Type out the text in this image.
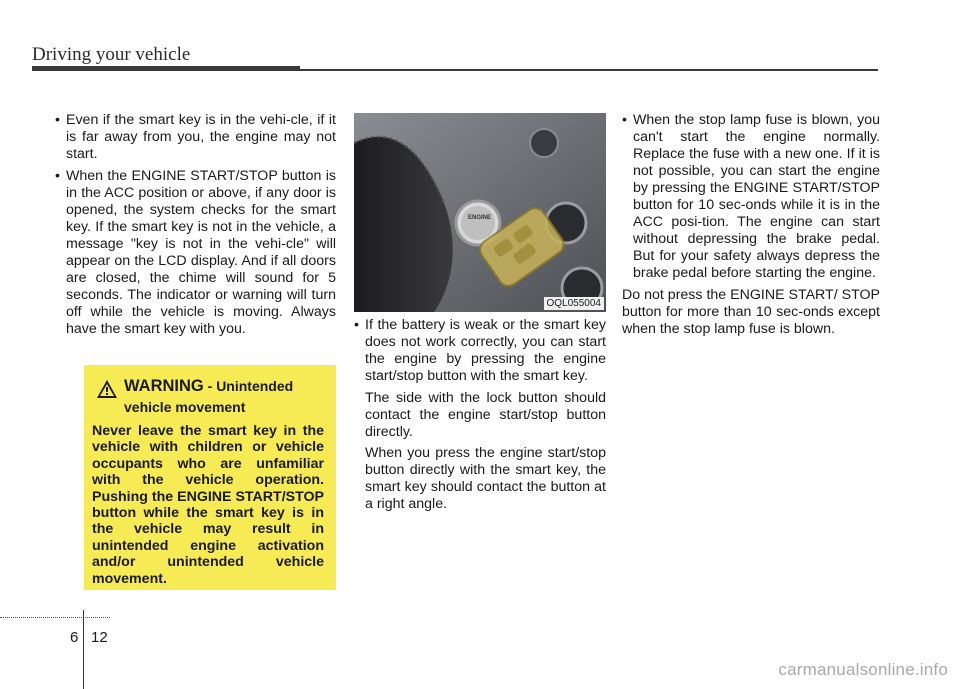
Driving your vehicle
• Even if the smart key is in the vehi-cle, if it is far away from you, the engine may not start.
• When the ENGINE START/STOP button is in the ACC position or above, if any door is opened, the system checks for the smart key. If the smart key is not in the vehicle, a message "key is not in the vehi-cle" will appear on the LCD display. And if all doors are closed, the chime will sound for 5 seconds. The indicator or warning will turn off while the vehicle is moving. Always have the smart key with you.
WARNING - Unintended
vehicle movement
Never leave the smart key in the vehicle with children or vehicle occupants who are unfamiliar with the vehicle operation. Pushing the ENGINE START/STOP button while the smart key is in the vehicle may result in unintended engine activation and/or unintended vehicle movement.
ENGINE
OQL055004
• If the battery is weak or the smart key does not work correctly, you can start the engine by pressing the engine start/stop button with the smart key.
The side with the lock button should contact the engine start/stop button directly.
When you press the engine start/stop button directly with the smart key, the smart key should contact the button at a right angle.
• When the stop lamp fuse is blown, you can't start the engine normally. Replace the fuse with a new one. If it is not possible, you can start the engine by pressing the ENGINE START/STOP button for 10 sec-onds while it is in the ACC posi-tion. The engine can start without depressing the brake pedal. But for your safety always depress the brake pedal before starting the engine.
Do not press the ENGINE START/ STOP button for more than 10 sec-onds except when the stop lamp fuse is blown.
6 12
carmanualsonline.info
